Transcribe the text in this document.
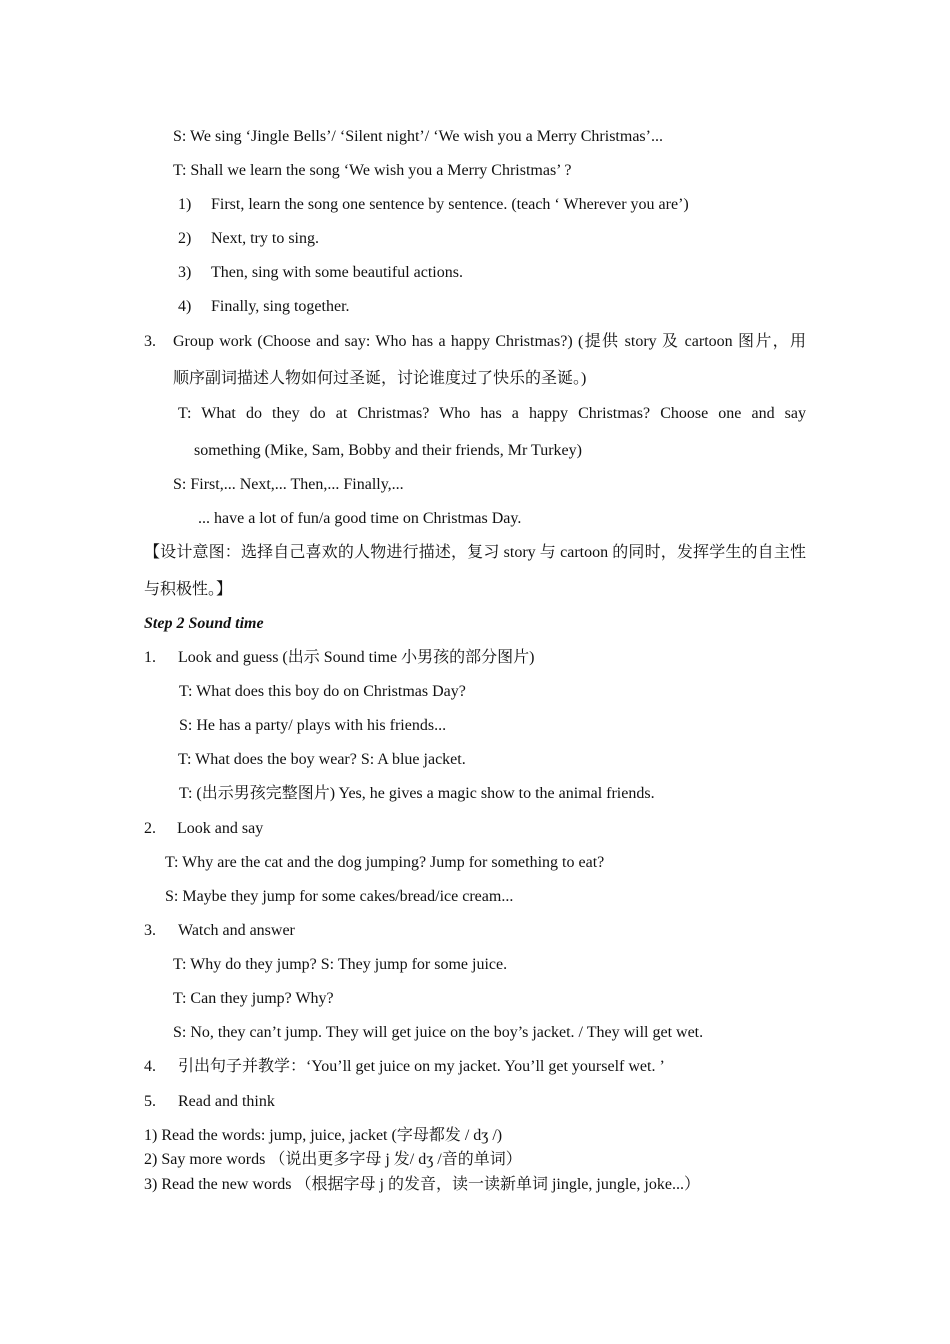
S: We sing ‘Jingle Bells’/ ‘Silent night’/ ‘We wish you a Merry Christmas’...
T: Shall we learn the song ‘We wish you a Merry Christmas’ ?
1) First, learn the song one sentence by sentence. (teach ‘ Wherever you are’)
2) Next, try to sing.
3) Then, sing with some beautiful actions.
4) Finally, sing together.
3. Group work (Choose and say: Who has a happy Christmas?) (提供 story 及 cartoon 图片，用
顺序副词描述人物如何过圣诞，讨论谁度过了快乐的圣诞。)
T: What do they do at Christmas? Who has a happy Christmas? Choose one and say
something (Mike, Sam, Bobby and their friends, Mr Turkey)
S: First,... Next,... Then,... Finally,...
... have a lot of fun/a good time on Christmas Day.
【设计意图：选择自己喜欢的人物进行描述，复习 story 与 cartoon 的同时，发挥学生的自主性
与积极性。】
Step 2 Sound time
1. Look and guess (出示 Sound time 小男孩的部分图片)
T: What does this boy do on Christmas Day?
S: He has a party/ plays with his friends...
T: What does the boy wear? S: A blue jacket.
T: (出示男孩完整图片) Yes, he gives a magic show to the animal friends.
2. Look and say
T: Why are the cat and the dog jumping? Jump for something to eat?
S: Maybe they jump for some cakes/bread/ice cream...
3. Watch and answer
T: Why do they jump? S: They jump for some juice.
T: Can they jump? Why?
S: No, they can’t jump. They will get juice on the boy’s jacket. / They will get wet.
4. 引出句子并教学：‘You’ll get juice on my jacket. You’ll get yourself wet. ’
5. Read and think
1) Read the words: jump, juice, jacket (字母都发 / dʒ /)
2) Say more words （说出更多字母 j 发/ dʒ /音的单词）
3) Read the new words （根据字母 j 的发音，读一读新单词 jingle, jungle, joke...）
